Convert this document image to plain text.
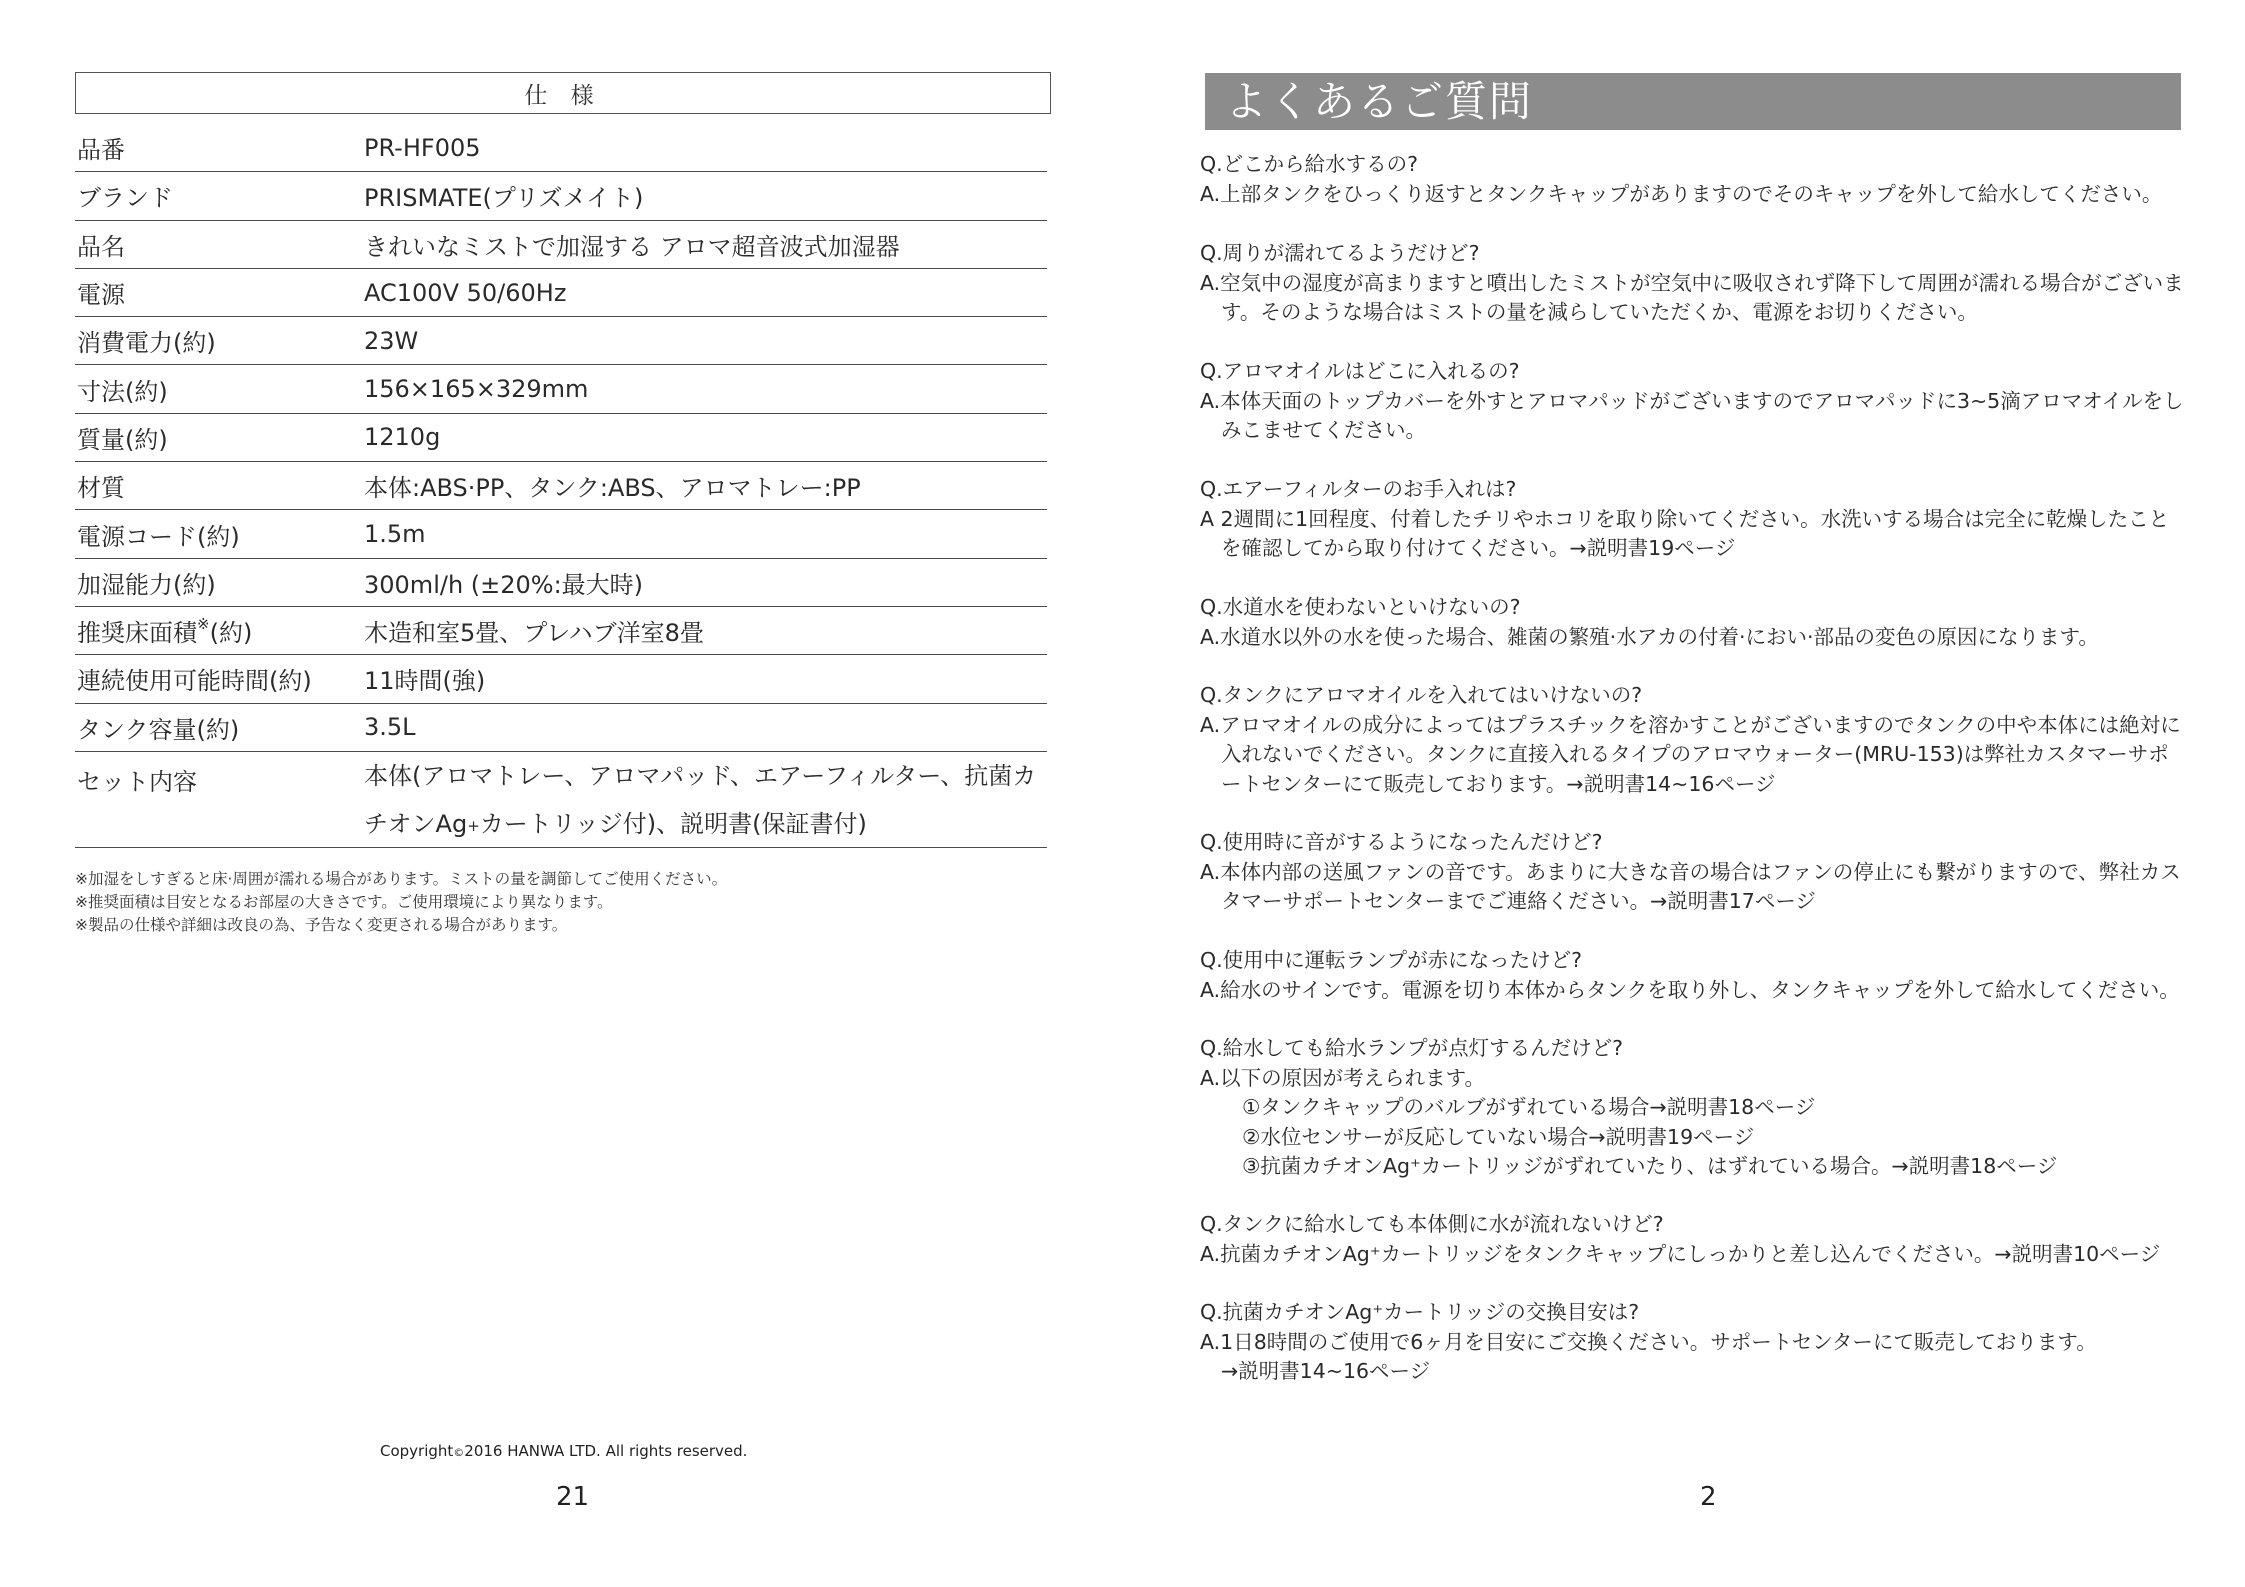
仕 様
品番	PR-HF005
ブランド	PRISMATE(プリズメイト)
品名	きれいなミストで加湿する アロマ超音波式加湿器
電源	AC100V 50/60Hz
消費電力(約)	23W
寸法(約)	156×165×329mm
質量(約)	1210g
材質	本体:ABS·PP、タンク:ABS、アロマトレー:PP
電源コード(約)	1.5m
加湿能力(約)	300ml/h (±20%:最大時)
推奨床面積※(約)	木造和室5畳、プレハブ洋室8畳
連続使用可能時間(約)	11時間(強)
タンク容量(約)	3.5L
セット内容	本体(アロマトレー、アロマパッド、エアーフィルター、抗菌カチオンAg+カートリッジ付)、説明書(保証書付)
※加湿をしすぎると床·周囲が濡れる場合があります。ミストの量を調節してご使用ください。
※推奨面積は目安となるお部屋の大きさです。ご使用環境により異なります。
※製品の仕様や詳細は改良の為、予告なく変更される場合があります。
Copyright©2016 HANWA LTD. All rights reserved.
21
よくあるご質問
Q.どこから給水するの?
A.上部タンクをひっくり返すとタンクキャップがありますのでそのキャップを外して給水してください。
Q.周りが濡れてるようだけど?
A.空気中の湿度が高まりますと噴出したミストが空気中に吸収されず降下して周囲が濡れる場合がございます。そのような場合はミストの量を減らしていただくか、電源をお切りください。
Q.アロマオイルはどこに入れるの?
A.本体天面のトップカバーを外すとアロマパッドがございますのでアロマパッドに3~5滴アロマオイルをしみこませてください。
Q.エアーフィルターのお手入れは?
A 2週間に1回程度、付着したチリやホコリを取り除いてください。水洗いする場合は完全に乾燥したことを確認してから取り付けてください。→説明書19ページ
Q.水道水を使わないといけないの?
A.水道水以外の水を使った場合、雑菌の繁殖·水アカの付着·におい·部品の変色の原因になります。
Q.タンクにアロマオイルを入れてはいけないの?
A.アロマオイルの成分によってはプラスチックを溶かすことがございますのでタンクの中や本体には絶対に入れないでください。タンクに直接入れるタイプのアロマウォーター(MRU-153)は弊社カスタマーサポートセンターにて販売しております。→説明書14~16ページ
Q.使用時に音がするようになったんだけど?
A.本体内部の送風ファンの音です。あまりに大きな音の場合はファンの停止にも繋がりますので、弊社カスタマーサポートセンターまでご連絡ください。→説明書17ページ
Q.使用中に運転ランプが赤になったけど?
A.給水のサインです。電源を切り本体からタンクを取り外し、タンクキャップを外して給水してください。
Q.給水しても給水ランプが点灯するんだけど?
A.以下の原因が考えられます。
①タンクキャップのバルブがずれている場合→説明書18ページ
②水位センサーが反応していない場合→説明書19ページ
③抗菌カチオンAg⁺カートリッジがずれていたり、はずれている場合。→説明書18ページ
Q.タンクに給水しても本体側に水が流れないけど?
A.抗菌カチオンAg⁺カートリッジをタンクキャップにしっかりと差し込んでください。→説明書10ページ
Q.抗菌カチオンAg⁺カートリッジの交換目安は?
A.1日8時間のご使用で6ヶ月を目安にご交換ください。サポートセンターにて販売しております。
→説明書14~16ページ
2
